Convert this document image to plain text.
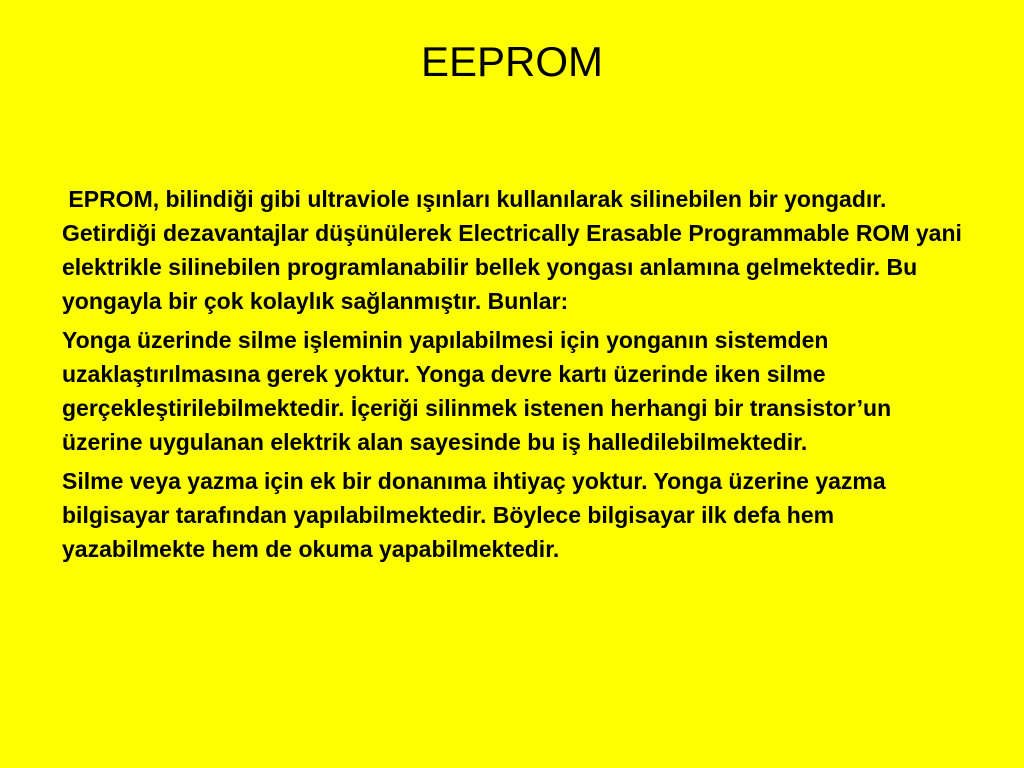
EEPROM

EPROM, bilindiği gibi ultraviole ışınları kullanılarak silinebilen bir yongadır. Getirdiği dezavantajlar düşünülerek Electrically Erasable Programmable ROM yani elektrikle silinebilen programlanabilir bellek yongası anlamına gelmektedir. Bu yongayla bir çok kolaylık sağlanmıştır. Bunlar:

Yonga üzerinde silme işleminin yapılabilmesi için yonganın sistemden uzaklaştırılmasına gerek yoktur. Yonga devre kartı üzerinde iken silme gerçekleştirilebilmektedir. İçeriği silinmek istenen herhangi bir transistor’un üzerine uygulanan elektrik alan sayesinde bu iş halledilebilmektedir.

Silme veya yazma için ek bir donanıma ihtiyaç yoktur. Yonga üzerine yazma bilgisayar tarafından yapılabilmektedir. Böylece bilgisayar ilk defa hem yazabilmekte hem de okuma yapabilmektedir.
